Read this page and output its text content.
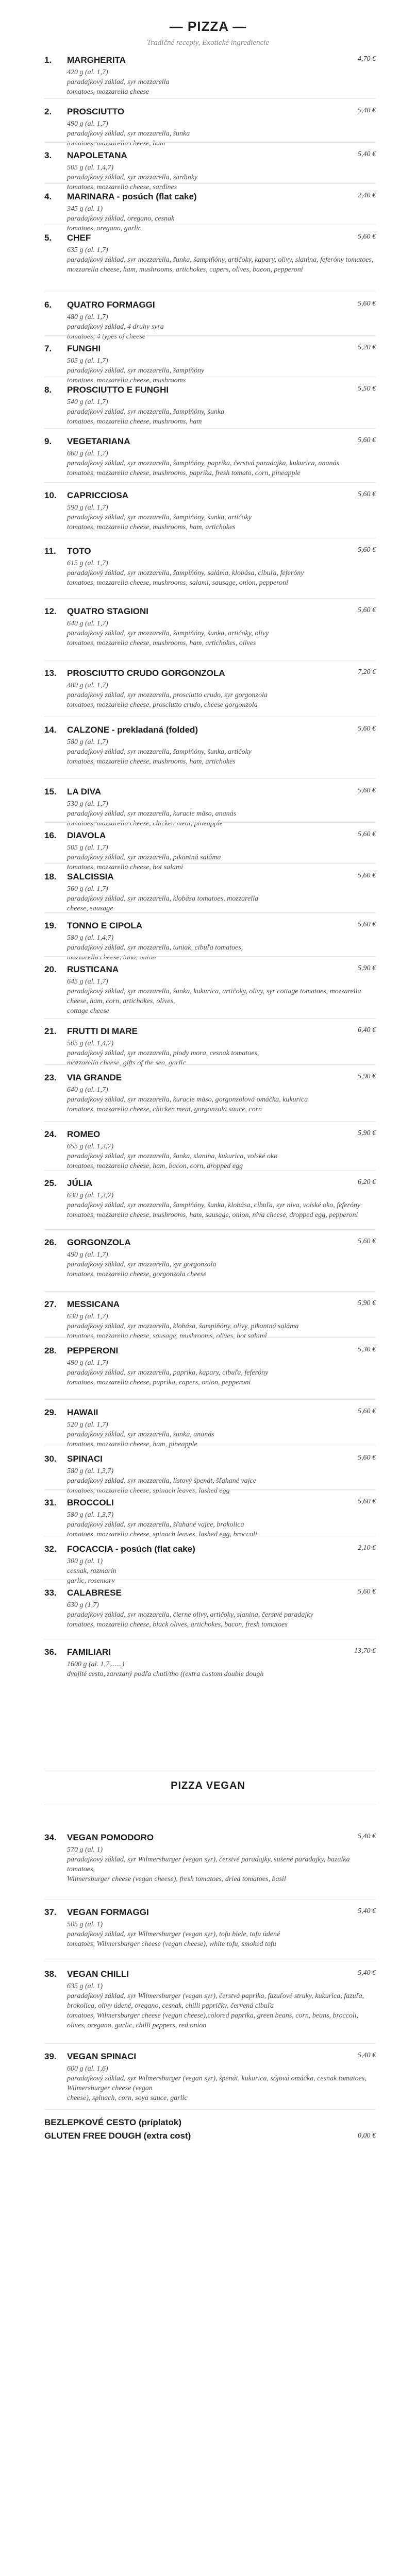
— PIZZA —
Tradičné recepty, Exotické ingrediencie
1.	MARGHERITA	4,70 €
420 g (al. 1,7)
paradajkový základ, syr mozzarella
tomatoes, mozzarella cheese
2.	PROSCIUTTO	5,40 €
490 g (al. 1,7)
paradajkový základ, syr mozzarella, šunka
tomatoes, mozzarella cheese, ham
3.	NAPOLETANA	5,40 €
505 g (al. 1,4,7)
paradajkový základ, syr mozzarella, sardinky
tomatoes, mozzarella cheese, sardines
4.	MARINARA - posúch (flat cake)	2,40 €
345 g (al. 1)
paradajkový základ, oregano, cesnak
tomatoes, oregano, garlic
5.	CHEF	5,60 €
635 g (al. 1,7)
paradajkový základ, syr mozzarella, šunka, šampiňóny, artičoky, kapary, olivy, slanina, feferóny tomatoes,
mozzarella cheese, ham, mushrooms, artichokes, capers, olives, bacon, pepperoni
6.	QUATRO FORMAGGI	5,60 €
480 g (al. 1,7)
paradajkový základ, 4 druhy syra
tomatoes, 4 types of cheese
7.	FUNGHI	5,20 €
505 g (al. 1,7)
paradajkový základ, syr mozzarella, šampiňóny
tomatoes, mozzarella cheese, mushrooms
8.	PROSCIUTTO E FUNGHI	5,50 €
540 g (al. 1,7)
paradajkový základ, syr mozzarella, šampiňóny, šunka
tomatoes, mozzarella cheese, mushrooms, ham
9.	VEGETARIANA	5,60 €
660 g (al. 1,7)
paradajkový základ, syr mozzarella, šampiňóny, paprika, čerstvá paradajka, kukurica, ananás
tomatoes, mozzarella cheese, mushrooms, paprika, fresh tomato, corn, pineapple
10.	CAPRICCIOSA	5,60 €
590 g (al. 1,7)
paradajkový základ, syr mozzarella, šampiňóny, šunka, artičoky
tomatoes, mozzarella cheese, mushrooms, ham, artichokes
11.	TOTO	5,60 €
615 g (al. 1,7)
paradajkový základ, syr mozzarella, šampiňóny, saláma, klobása, cibuľa, feferóny
tomatoes, mozzarella cheese, mushrooms, salami, sausage, onion, pepperoni
12.	QUATRO STAGIONI	5,60 €
640 g (al. 1,7)
paradajkový základ, syr mozzarella, šampiňóny, šunka, artičoky, olivy
tomatoes, mozzarella cheese, mushrooms, ham, artichokes, olives
13.	PROSCIUTTO CRUDO GORGONZOLA	7,20 €
480 g (al. 1,7)
paradajkový základ, syr mozzarella, prosciutto crudo, syr gorgonzola
tomatoes, mozzarella cheese, prosciutto crudo, cheese gorgonzola
14.	CALZONE - prekladaná (folded)	5,60 €
580 g (al. 1,7)
paradajkový základ, syr mozzarella, šampiňóny, šunka, artičoky
tomatoes, mozzarella cheese, mushrooms, ham, artichokes
15.	LA DIVA	5,60 €
530 g (al. 1,7)
paradajkový základ, syr mozzarella, kuracie mäso, ananás
tomatoes, mozzarella cheese, chicken meat, pineapple
16.	DIAVOLA	5,60 €
505 g (al. 1,7)
paradajkový základ, syr mozzarella, pikantná saláma
tomatoes, mozzarella cheese, hot salami
18.	SALCISSIA	5,60 €
560 g (al. 1,7)
paradajkový základ, syr mozzarella, klobása tomatoes, mozzarella
cheese, sausage
19.	TONNO E CIPOLA	5,60 €
580 g (al. 1,4,7)
paradajkový základ, syr mozzarella, tuniak, cibuľa tomatoes,
mozzarella cheese, tuna, onion
20.	RUSTICANA	5,90 €
645 g (al. 1,7)
paradajkový základ, syr mozzarella, šunka, kukurica, artičoky, olivy, syr cottage tomatoes, mozzarella cheese, ham, corn, artichokes, olives,
cottage cheese
21.	FRUTTI DI MARE	6,40 €
505 g (al. 1,4,7)
paradajkový základ, syr mozzarella, plody mora, cesnak tomatoes,
mozzarella cheese, gifts of the sea, garlic
23.	VIA GRANDE	5,90 €
640 g (al. 1,7)
paradajkový základ, syr mozzarella, kuracie mäso, gorgonzolová omáčka, kukurica
tomatoes, mozzarella cheese, chicken meat, gorgonzola sauce, corn
24.	ROMEO	5,90 €
655 g (al. 1,3,7)
paradajkový základ, syr mozzarella, šunka, slanina, kukurica, volské oko
tomatoes, mozzarella cheese, ham, bacon, corn, dropped egg
25.	JÚLIA	6,20 €
630 g (al. 1,3,7)
paradajkový základ, syr mozzarella, šampiňóny, šunka, klobása, cibuľa, syr niva, volské oko, feferóny
tomatoes, mozzarella cheese, mushrooms, ham, sausage, onion, niva cheese, dropped egg, pepperoni
26.	GORGONZOLA	5,60 €
490 g (al. 1,7)
paradajkový základ, syr mozzarella, syr gorgonzola
tomatoes, mozzarella cheese, gorgonzola cheese
27.	MESSICANA	5,90 €
630 g (al. 1,7)
paradajkový základ, syr mozzarella, klobása, šampiňóny, olivy, pikantná saláma
tomatoes, mozzarella cheese, sausage, mushrooms, olives, hot salami
28.	PEPPERONI	5,30 €
490 g (al. 1,7)
paradajkový základ, syr mozzarella, paprika, kapary, cibuľa, feferóny
tomatoes, mozzarella cheese, paprika, capers, onion, pepperoni
29.	HAWAII	5,60 €
520 g (al. 1,7)
paradajkový základ, syr mozzarella, šunka, ananás
tomatoes, mozzarella cheese, ham, pineapple
30.	SPINACI	5,60 €
580 g (al. 1,3,7)
paradajkový základ, syr mozzarella, listový špenát, šľahané vajce
tomatoes, mozzarella cheese, spinach leaves, lashed egg
31.	BROCCOLI	5,60 €
580 g (al. 1,3,7)
paradajkový základ, syr mozzarella, šľahané vajce, brokolica
tomatoes, mozzarella cheese, spinach leaves, lashed egg, broccoli
32.	FOCACCIA - posúch (flat cake)	2,10 €
300 g (al. 1)
cesnak, rozmarín
garlic, rosemary
33.	CALABRESE	5,60 €
630 g (1,7)
paradajkový základ, syr mozzarella, čierne olivy, artičoky, slanina, čerstvé paradajky
tomatoes, mozzarella cheese, black olives, artichokes, bacon, fresh tomatoes
36.	FAMILIARI	13,70 €
1600 g (al. 1,7,......)
dvojité cesto, zarezaný podľa chuti/tho ((extra custom double dough
PIZZA VEGAN
34.	VEGAN POMODORO	5,40 €
570 g (al. 1)
paradajkový základ, syr Wilmersburger (vegan syr), čerstvé paradajky, sušené paradajky, bazalka tomatoes,
Wilmersburger cheese (vegan cheese), fresh tomatoes, dried tomatoes, basil
37.	VEGAN FORMAGGI	5,40 €
505 g (al. 1)
paradajkový základ, syr Wilmersburger (vegan syr), tofu biele, tofu údené
tomatoes, Wilmersburger cheese (vegan cheese), white tofu, smoked tofu
38.	VEGAN CHILLI	5,40 €
635 g (al. 1)
paradajkový základ, syr Wilmersburger (vegan syr), čerstvá paprika, fazuľové struky, kukurica, fazuľa, brokolica, olivy údené, oregano, cesnak, chilli papričky, červená cibuľa
tomatoes, Wilmersburger cheese (vegan cheese),colored paprika, green beans, corn, beans, broccoli, olives, oregano, garlic, chilli peppers, red onion
39.	VEGAN SPINACI	5,40 €
600 g (al. 1,6)
paradajkový základ, syr Wilmersburger (vegan syr), špenát, kukurica, sójová omáčka, cesnak tomatoes, Wilmersburger cheese (vegan
cheese), spinach, corn, soya sauce, garlic
BEZLEPKOVÉ CESTO (príplatok)
GLUTEN FREE DOUGH (extra cost)	0,00 €
